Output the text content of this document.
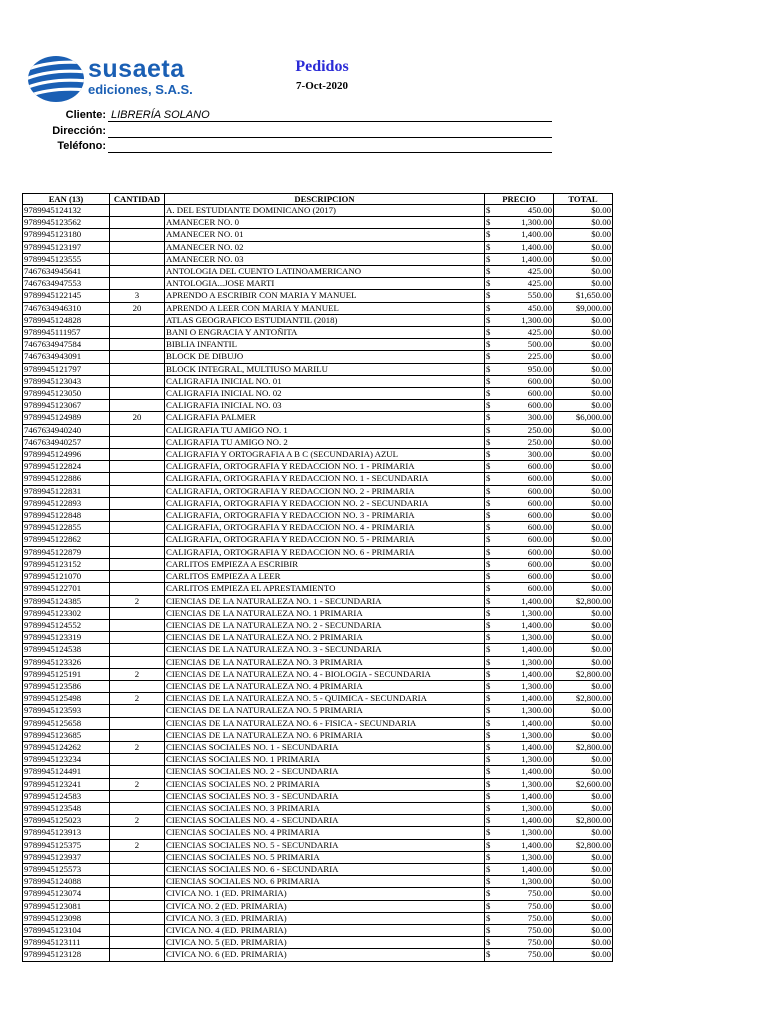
susaeta
ediciones, S.A.S.
Pedidos
7-Oct-2020
Cliente: LIBRERÍA SOLANO
Dirección:
Teléfono:
EAN (13)	CANTIDAD	DESCRIPCION	PRECIO	TOTAL
9789945124132		A. DEL ESTUDIANTE DOMINICANO (2017)	$ 450.00	$0.00
9789945123562		AMANECER NO. 0	$ 1,300.00	$0.00
9789945123180		AMANECER NO. 01	$ 1,400.00	$0.00
9789945123197		AMANECER NO. 02	$ 1,400.00	$0.00
9789945123555		AMANECER NO. 03	$ 1,400.00	$0.00
7467634945641		ANTOLOGIA DEL CUENTO LATINOAMERICANO	$ 425.00	$0.00
7467634947553		ANTOLOGIA...JOSE MARTI	$ 425.00	$0.00
9789945122145	3	APRENDO A ESCRIBIR CON MARIA Y MANUEL	$ 550.00	$1,650.00
7467634946310	20	APRENDO A LEER CON MARIA Y MANUEL	$ 450.00	$9,000.00
9789945124828		ATLAS GEOGRAFICO ESTUDIANTIL (2018)	$ 1,300.00	$0.00
9789945111957		BANI O ENGRACIA Y ANTOÑITA	$ 425.00	$0.00
7467634947584		BIBLIA INFANTIL	$ 500.00	$0.00
7467634943091		BLOCK DE DIBUJO	$ 225.00	$0.00
9789945121797		BLOCK INTEGRAL, MULTIUSO MARILU	$ 950.00	$0.00
9789945123043		CALIGRAFIA INICIAL NO. 01	$ 600.00	$0.00
9789945123050		CALIGRAFIA INICIAL NO. 02	$ 600.00	$0.00
9789945123067		CALIGRAFIA INICIAL NO. 03	$ 600.00	$0.00
9789945124989	20	CALIGRAFIA PALMER	$ 300.00	$6,000.00
7467634940240		CALIGRAFIA TU AMIGO NO. 1	$ 250.00	$0.00
7467634940257		CALIGRAFIA TU AMIGO NO. 2	$ 250.00	$0.00
9789945124996		CALIGRAFIA Y ORTOGRAFIA A B C (SECUNDARIA) AZUL	$ 300.00	$0.00
9789945122824		CALIGRAFIA, ORTOGRAFIA Y REDACCION NO. 1 - PRIMARIA	$ 600.00	$0.00
9789945122886		CALIGRAFIA, ORTOGRAFIA Y REDACCION NO. 1 - SECUNDARIA	$ 600.00	$0.00
9789945122831		CALIGRAFIA, ORTOGRAFIA Y REDACCION NO. 2 - PRIMARIA	$ 600.00	$0.00
9789945122893		CALIGRAFIA, ORTOGRAFIA Y REDACCION NO. 2 - SECUNDARIA	$ 600.00	$0.00
9789945122848		CALIGRAFIA, ORTOGRAFIA Y REDACCION NO. 3 - PRIMARIA	$ 600.00	$0.00
9789945122855		CALIGRAFIA, ORTOGRAFIA Y REDACCION NO. 4 - PRIMARIA	$ 600.00	$0.00
9789945122862		CALIGRAFIA, ORTOGRAFIA Y REDACCION NO. 5 - PRIMARIA	$ 600.00	$0.00
9789945122879		CALIGRAFIA, ORTOGRAFIA Y REDACCION NO. 6 - PRIMARIA	$ 600.00	$0.00
9789945123152		CARLITOS EMPIEZA A ESCRIBIR	$ 600.00	$0.00
9789945121070		CARLITOS EMPIEZA A LEER	$ 600.00	$0.00
9789945122701		CARLITOS EMPIEZA EL APRESTAMIENTO	$ 600.00	$0.00
9789945124385	2	CIENCIAS DE LA NATURALEZA NO. 1 - SECUNDARIA	$ 1,400.00	$2,800.00
9789945123302		CIENCIAS DE LA NATURALEZA NO. 1 PRIMARIA	$ 1,300.00	$0.00
9789945124552		CIENCIAS DE LA NATURALEZA NO. 2 - SECUNDARIA	$ 1,400.00	$0.00
9789945123319		CIENCIAS DE LA NATURALEZA NO. 2 PRIMARIA	$ 1,300.00	$0.00
9789945124538		CIENCIAS DE LA NATURALEZA NO. 3 - SECUNDARIA	$ 1,400.00	$0.00
9789945123326		CIENCIAS DE LA NATURALEZA NO. 3 PRIMARIA	$ 1,300.00	$0.00
9789945125191	2	CIENCIAS DE LA NATURALEZA NO. 4 - BIOLOGIA - SECUNDARIA	$ 1,400.00	$2,800.00
9789945123586		CIENCIAS DE LA NATURALEZA NO. 4 PRIMARIA	$ 1,300.00	$0.00
9789945125498	2	CIENCIAS DE LA NATURALEZA NO. 5 - QUIMICA - SECUNDARIA	$ 1,400.00	$2,800.00
9789945123593		CIENCIAS DE LA NATURALEZA NO. 5 PRIMARIA	$ 1,300.00	$0.00
9789945125658		CIENCIAS DE LA NATURALEZA NO. 6 - FISICA - SECUNDARIA	$ 1,400.00	$0.00
9789945123685		CIENCIAS DE LA NATURALEZA NO. 6 PRIMARIA	$ 1,300.00	$0.00
9789945124262	2	CIENCIAS SOCIALES NO. 1 - SECUNDARIA	$ 1,400.00	$2,800.00
9789945123234		CIENCIAS SOCIALES NO. 1 PRIMARIA	$ 1,300.00	$0.00
9789945124491		CIENCIAS SOCIALES NO. 2 - SECUNDARIA	$ 1,400.00	$0.00
9789945123241	2	CIENCIAS SOCIALES NO. 2 PRIMARIA	$ 1,300.00	$2,600.00
9789945124583		CIENCIAS SOCIALES NO. 3 - SECUNDARIA	$ 1,400.00	$0.00
9789945123548		CIENCIAS SOCIALES NO. 3 PRIMARIA	$ 1,300.00	$0.00
9789945125023	2	CIENCIAS SOCIALES NO. 4 - SECUNDARIA	$ 1,400.00	$2,800.00
9789945123913		CIENCIAS SOCIALES NO. 4 PRIMARIA	$ 1,300.00	$0.00
9789945125375	2	CIENCIAS SOCIALES NO. 5 - SECUNDARIA	$ 1,400.00	$2,800.00
9789945123937		CIENCIAS SOCIALES NO. 5 PRIMARIA	$ 1,300.00	$0.00
9789945125573		CIENCIAS SOCIALES NO. 6 - SECUNDARIA	$ 1,400.00	$0.00
9789945124088		CIENCIAS SOCIALES NO. 6 PRIMARIA	$ 1,300.00	$0.00
9789945123074		CIVICA NO. 1 (ED. PRIMARIA)	$ 750.00	$0.00
9789945123081		CIVICA NO. 2 (ED. PRIMARIA)	$ 750.00	$0.00
9789945123098		CIVICA NO. 3 (ED. PRIMARIA)	$ 750.00	$0.00
9789945123104		CIVICA NO. 4 (ED. PRIMARIA)	$ 750.00	$0.00
9789945123111		CIVICA NO. 5 (ED. PRIMARIA)	$ 750.00	$0.00
9789945123128		CIVICA NO. 6 (ED. PRIMARIA)	$ 750.00	$0.00
